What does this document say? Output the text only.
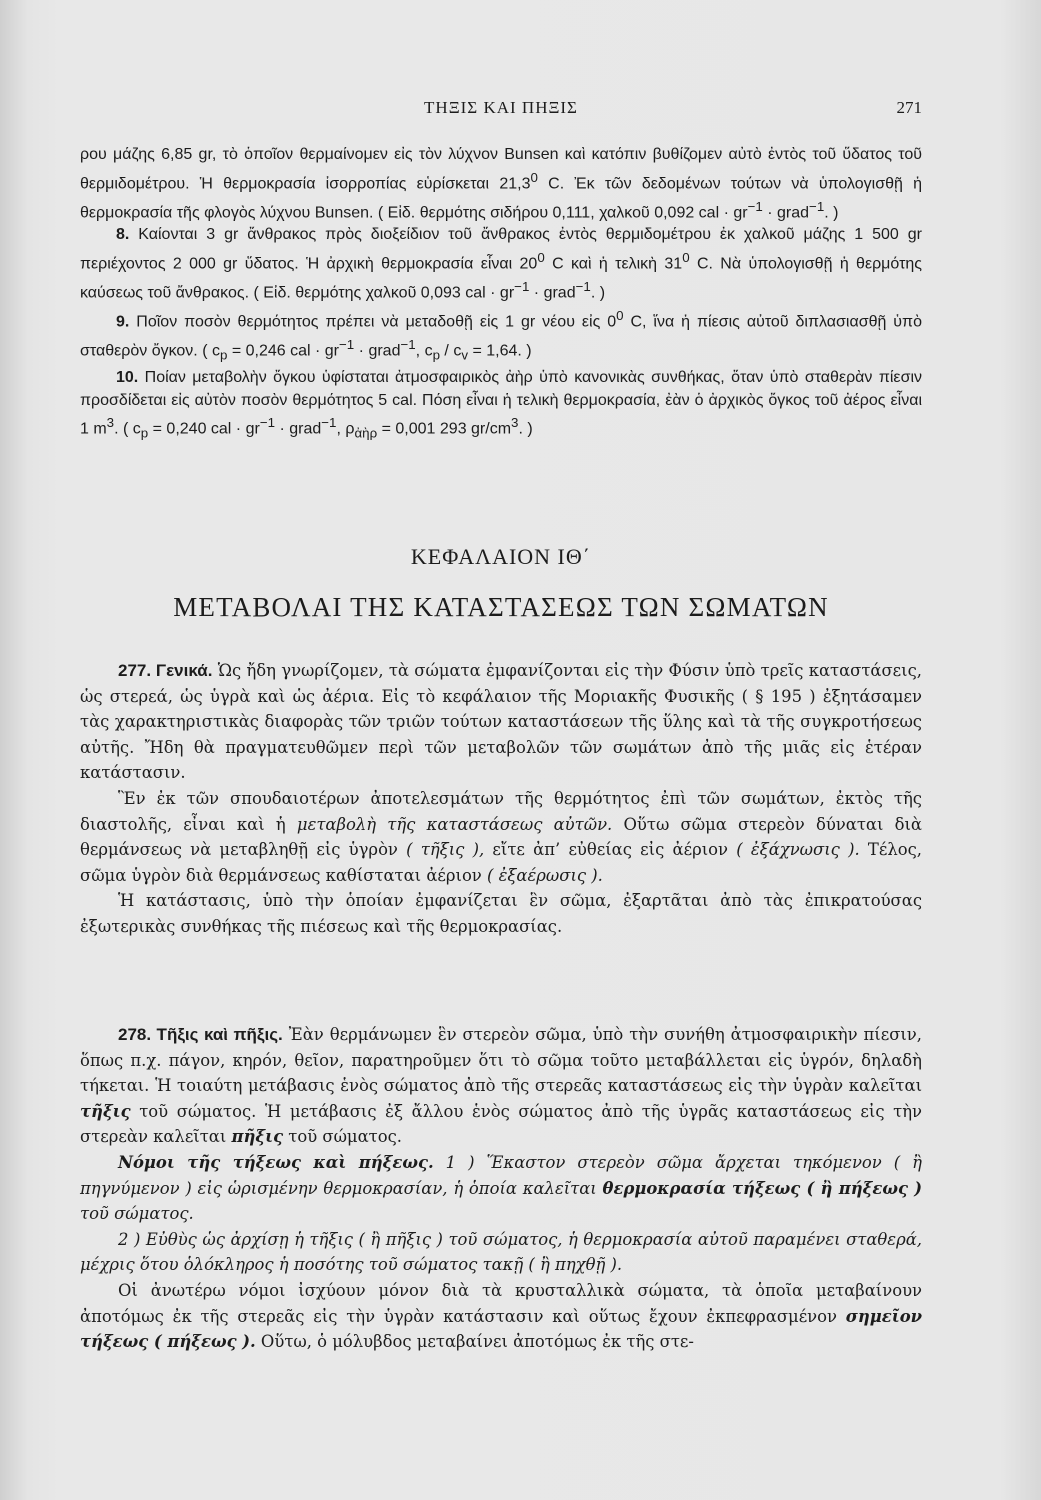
ΤΗΞΙΣ ΚΑΙ ΠΗΞΙΣ	271

ρου μάζης 6,85 gr, τὸ ὁποῖον θερμαίνομεν εἰς τὸν λύχνον Bunsen καὶ κατόπιν βυθίζομεν αὐτὸ ἐντὸς τοῦ ὕδατος τοῦ θερμιδομέτρου. Ἡ θερμοκρασία ἰσορροπίας εὑρίσκεται 21,3$^0$ C. Ἐκ τῶν δεδομένων τούτων νὰ ὑπολογισθῇ ἡ θερμοκρασία τῆς φλογὸς λύχνου Bunsen. ( Εἰδ. θερμότης σιδήρου 0,111, χαλκοῦ 0,092 cal · $gr^{-1}$ · grad$^{-1}$. )

8. Καίονται 3 gr ἄνθρακος πρὸς διοξείδιον τοῦ ἄνθρακος ἐντὸς θερμιδομέτρου ἐκ χαλκοῦ μάζης 1 500 gr περιέχοντος 2 000 gr ὕδατος. Ἡ ἀρχικὴ θερμοκρασία εἶναι $20^0$ C καὶ ἡ τελικὴ $31^0$ C. Νὰ ὑπολογισθῇ ἡ θερμότης καύσεως τοῦ ἄνθρακος. ( Εἰδ. θερμότης χαλκοῦ 0,093 cal · $gr^{-1}$ · grad$^{-1}$. )

9. Ποῖον ποσὸν θερμότητος πρέπει νὰ μεταδοθῇ εἰς 1 gr νέου εἰς $0^0$ C, ἵνα ἡ πίεσις αὐτοῦ διπλασιασθῇ ὑπὸ σταθερὸν ὄγκον. ( $c_p = 0,246$ cal · $gr^{-1}$ · grad$^{-1}$, $c_p / c_v = 1,64$. )

10. Ποίαν μεταβολὴν ὄγκου ὑφίσταται ἀτμοσφαιρικὸς ἀὴρ ὑπὸ κανονικὰς συνθήκας, ὅταν ὑπὸ σταθερὰν πίεσιν προσδίδεται εἰς αὐτὸν ποσὸν θερμότητος 5 cal. Πόση εἶναι ἡ τελικὴ θερμοκρασία, ἐὰν ὁ ἀρχικὸς ὄγκος τοῦ ἀέρος εἶναι 1 $m^3$. ( $c_p = 0,240$ cal · $gr^{-1}$ · grad$^{-1}$, $\rho_{ἀὴ\rho} = 0,001$ 293 $gr/cm^3$. )

ΚΕΦΑΛΑΙΟΝ ΙΘ΄
ΜΕΤΑΒΟΛΑΙ ΤΗΣ ΚΑΤΑΣΤΑΣΕΩΣ ΤΩΝ ΣΩΜΑΤΩΝ

277. Γενικά. Ὡς ἤδη γνωρίζομεν, τὰ σώματα ἐμφανίζονται εἰς τὴν Φύσιν ὑπὸ τρεῖς καταστάσεις, ὡς στερεά, ὡς ὑγρὰ καὶ ὡς ἀέρια. Εἰς τὸ κεφάλαιον τῆς Μοριακῆς Φυσικῆς ( § 195 ) ἐξητάσαμεν τὰς χαρακτηριστικὰς διαφορὰς τῶν τριῶν τούτων καταστάσεων τῆς ὕλης καὶ τὰ τῆς συγκροτήσεως αὐτῆς. Ἤδη θὰ πραγματευθῶμεν περὶ τῶν μεταβολῶν τῶν σωμάτων ἀπὸ τῆς μιᾶς εἰς ἑτέραν κατάστασιν.

Ἓν ἐκ τῶν σπουδαιοτέρων ἀποτελεσμάτων τῆς θερμότητος ἐπὶ τῶν σωμάτων, ἐκτὸς τῆς διαστολῆς, εἶναι καὶ ἡ μεταβολὴ τῆς καταστάσεως αὐτῶν. Οὕτω σῶμα στερεὸν δύναται διὰ θερμάνσεως νὰ μεταβληθῇ εἰς ὑγρὸν ( τῆξις ), εἴτε ἀπ’ εὐθείας εἰς ἀέριον ( ἐξάχνωσις ). Τέλος, σῶμα ὑγρὸν διὰ θερμάνσεως καθίσταται ἀέριον ( ἐξαέρωσις ).

Ἡ κατάστασις, ὑπὸ τὴν ὁποίαν ἐμφανίζεται ἓν σῶμα, ἐξαρτᾶται ἀπὸ τὰς ἐπικρατούσας ἐξωτερικὰς συνθήκας τῆς πιέσεως καὶ τῆς θερμοκρασίας.

278. Τῆξις καὶ πῆξις. Ἐὰν θερμάνωμεν ἓν στερεὸν σῶμα, ὑπὸ τὴν συνήθη ἀτμοσφαιρικὴν πίεσιν, ὅπως π.χ. πάγον, κηρόν, θεῖον, παρατηροῦμεν ὅτι τὸ σῶμα τοῦτο μεταβάλλεται εἰς ὑγρόν, δηλαδὴ τήκεται. Ἡ τοιαύτη μετάβασις ἑνὸς σώματος ἀπὸ τῆς στερεᾶς καταστάσεως εἰς τὴν ὑγρὰν καλεῖται τῆξις τοῦ σώματος. Ἡ μετάβασις ἐξ ἄλλου ἑνὸς σώματος ἀπὸ τῆς ὑγρᾶς καταστάσεως εἰς τὴν στερεὰν καλεῖται πῆξις τοῦ σώματος.

Νόμοι τῆς τήξεως καὶ πήξεως. 1 ) Ἕκαστον στερεὸν σῶμα ἄρχεται τηκόμενον ( ἢ πηγνύμενον ) εἰς ὡρισμένην θερμοκρασίαν, ἡ ὁποία καλεῖται θερμοκρασία τήξεως ( ἢ πήξεως ) τοῦ σώματος.

2 ) Εὐθὺς ὡς ἀρχίσῃ ἡ τῆξις ( ἢ πῆξις ) τοῦ σώματος, ἡ θερμοκρασία αὐτοῦ παραμένει σταθερά, μέχρις ὅτου ὁλόκληρος ἡ ποσότης τοῦ σώματος τακῇ ( ἢ πηχθῇ ).

Οἱ ἀνωτέρω νόμοι ἰσχύουν μόνον διὰ τὰ κρυσταλλικὰ σώματα, τὰ ὁποῖα μεταβαίνουν ἀποτόμως ἐκ τῆς στερεᾶς εἰς τὴν ὑγρὰν κατάστασιν καὶ οὕτως ἔχουν ἐκπεφρασμένον σημεῖον τήξεως ( πήξεως ). Οὕτω, ὁ μόλυβδος μεταβαίνει ἀποτόμως ἐκ τῆς στε-
